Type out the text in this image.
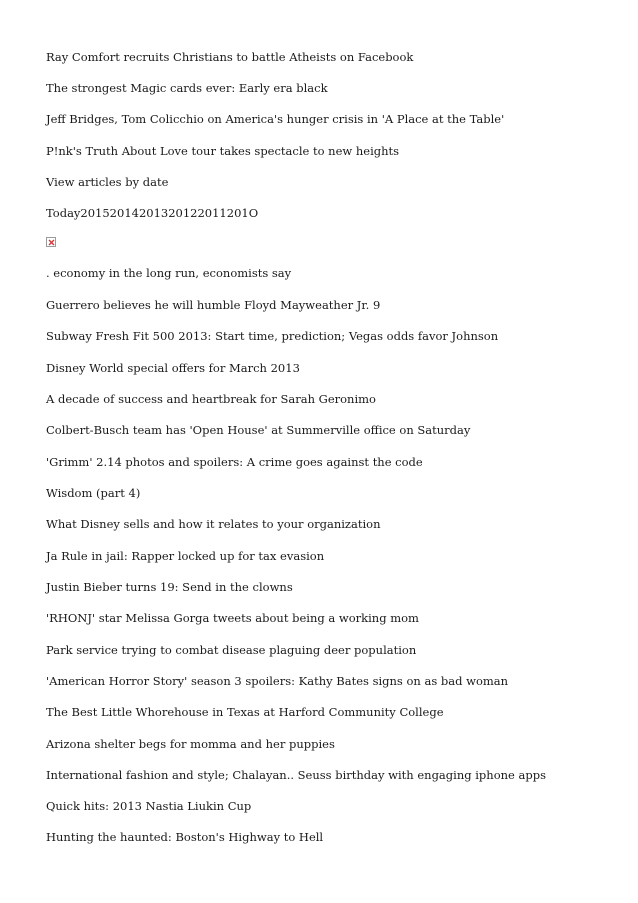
Ray Comfort recruits Christians to battle Atheists on Facebook
The strongest Magic cards ever: Early era black
Jeff Bridges, Tom Colicchio on America's hunger crisis in 'A Place at the Table'
P!nk's Truth About Love tour takes spectacle to new heights
View articles by date
Today20152014201320122011201O
. economy in the long run, economists say
Guerrero believes he will humble Floyd Mayweather Jr. 9
Subway Fresh Fit 500 2013: Start time, prediction; Vegas odds favor Johnson
Disney World special offers for March 2013
A decade of success and heartbreak for Sarah Geronimo
Colbert-Busch team has 'Open House' at Summerville office on Saturday
'Grimm' 2.14 photos and spoilers: A crime goes against the code
Wisdom (part 4)
What Disney sells and how it relates to your organization
Ja Rule in jail: Rapper locked up for tax evasion
Justin Bieber turns 19: Send in the clowns
'RHONJ' star Melissa Gorga tweets about being a working mom
Park service trying to combat disease plaguing deer population
'American Horror Story' season 3 spoilers: Kathy Bates signs on as bad woman
The Best Little Whorehouse in Texas at Harford Community College
Arizona shelter begs for momma and her puppies
International fashion and style; Chalayan.. Seuss birthday with engaging iphone apps
Quick hits: 2013 Nastia Liukin Cup
Hunting the haunted: Boston's Highway to Hell
